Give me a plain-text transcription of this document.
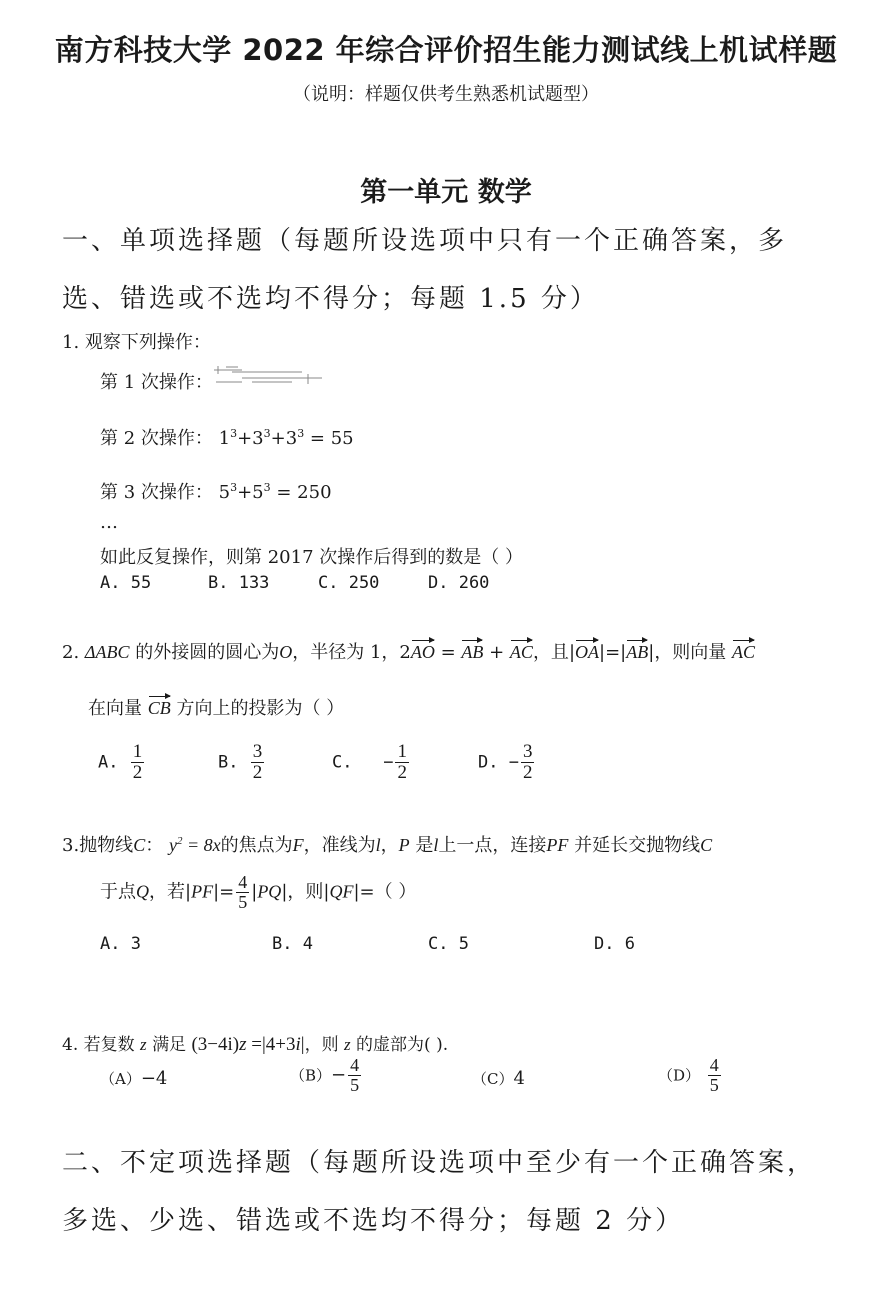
南方科技大学 2022 年综合评价招生能力测试线上机试样题
（说明：样题仅供考生熟悉机试题型）
第一单元 数学
一、单项选择题（每题所设选项中只有一个正确答案，多选、错选或不选均不得分；每题 1.5 分）
1. 观察下列操作：
第 1 次操作：
第 2 次操作： $1^3+3^3+3^3 = 55$
第 3 次操作： $5^3+5^3 = 250$
…
如此反复操作，则第 2017 次操作后得到的数是（ ）
A. 55	B. 133	C. 250	D. 260
2. ΔABC 的外接圆的圆心为O，半径为 1，2AO = AB + AC，且|OA|=|AB|，则向量 AC
在向量 CB 方向上的投影为（ ）
A. $\frac{1}{2}$	B. $\frac{3}{2}$	C.   − $\frac{1}{2}$	D. − $\frac{3}{2}$
3.抛物线C： $y^2 = 8x$的焦点为F，准线为l，P 是l上一点，连接PF 并延长交抛物线C
于点Q，若$|PF|= \frac{4}{5} |PQ|$，则|QF|=（ ）
A. 3	B. 4	C. 5	D. 6
4. 若复数 z 满足 (3−4i)z =|4+3i|，则 z 的虚部为( ).
（A）−4	$(B)- \frac{4}{5}$	（C）4	$(D) \frac{4}{5}$
二、不定项选择题（每题所设选项中至少有一个正确答案，多选、少选、错选或不选均不得分；每题 2 分）
